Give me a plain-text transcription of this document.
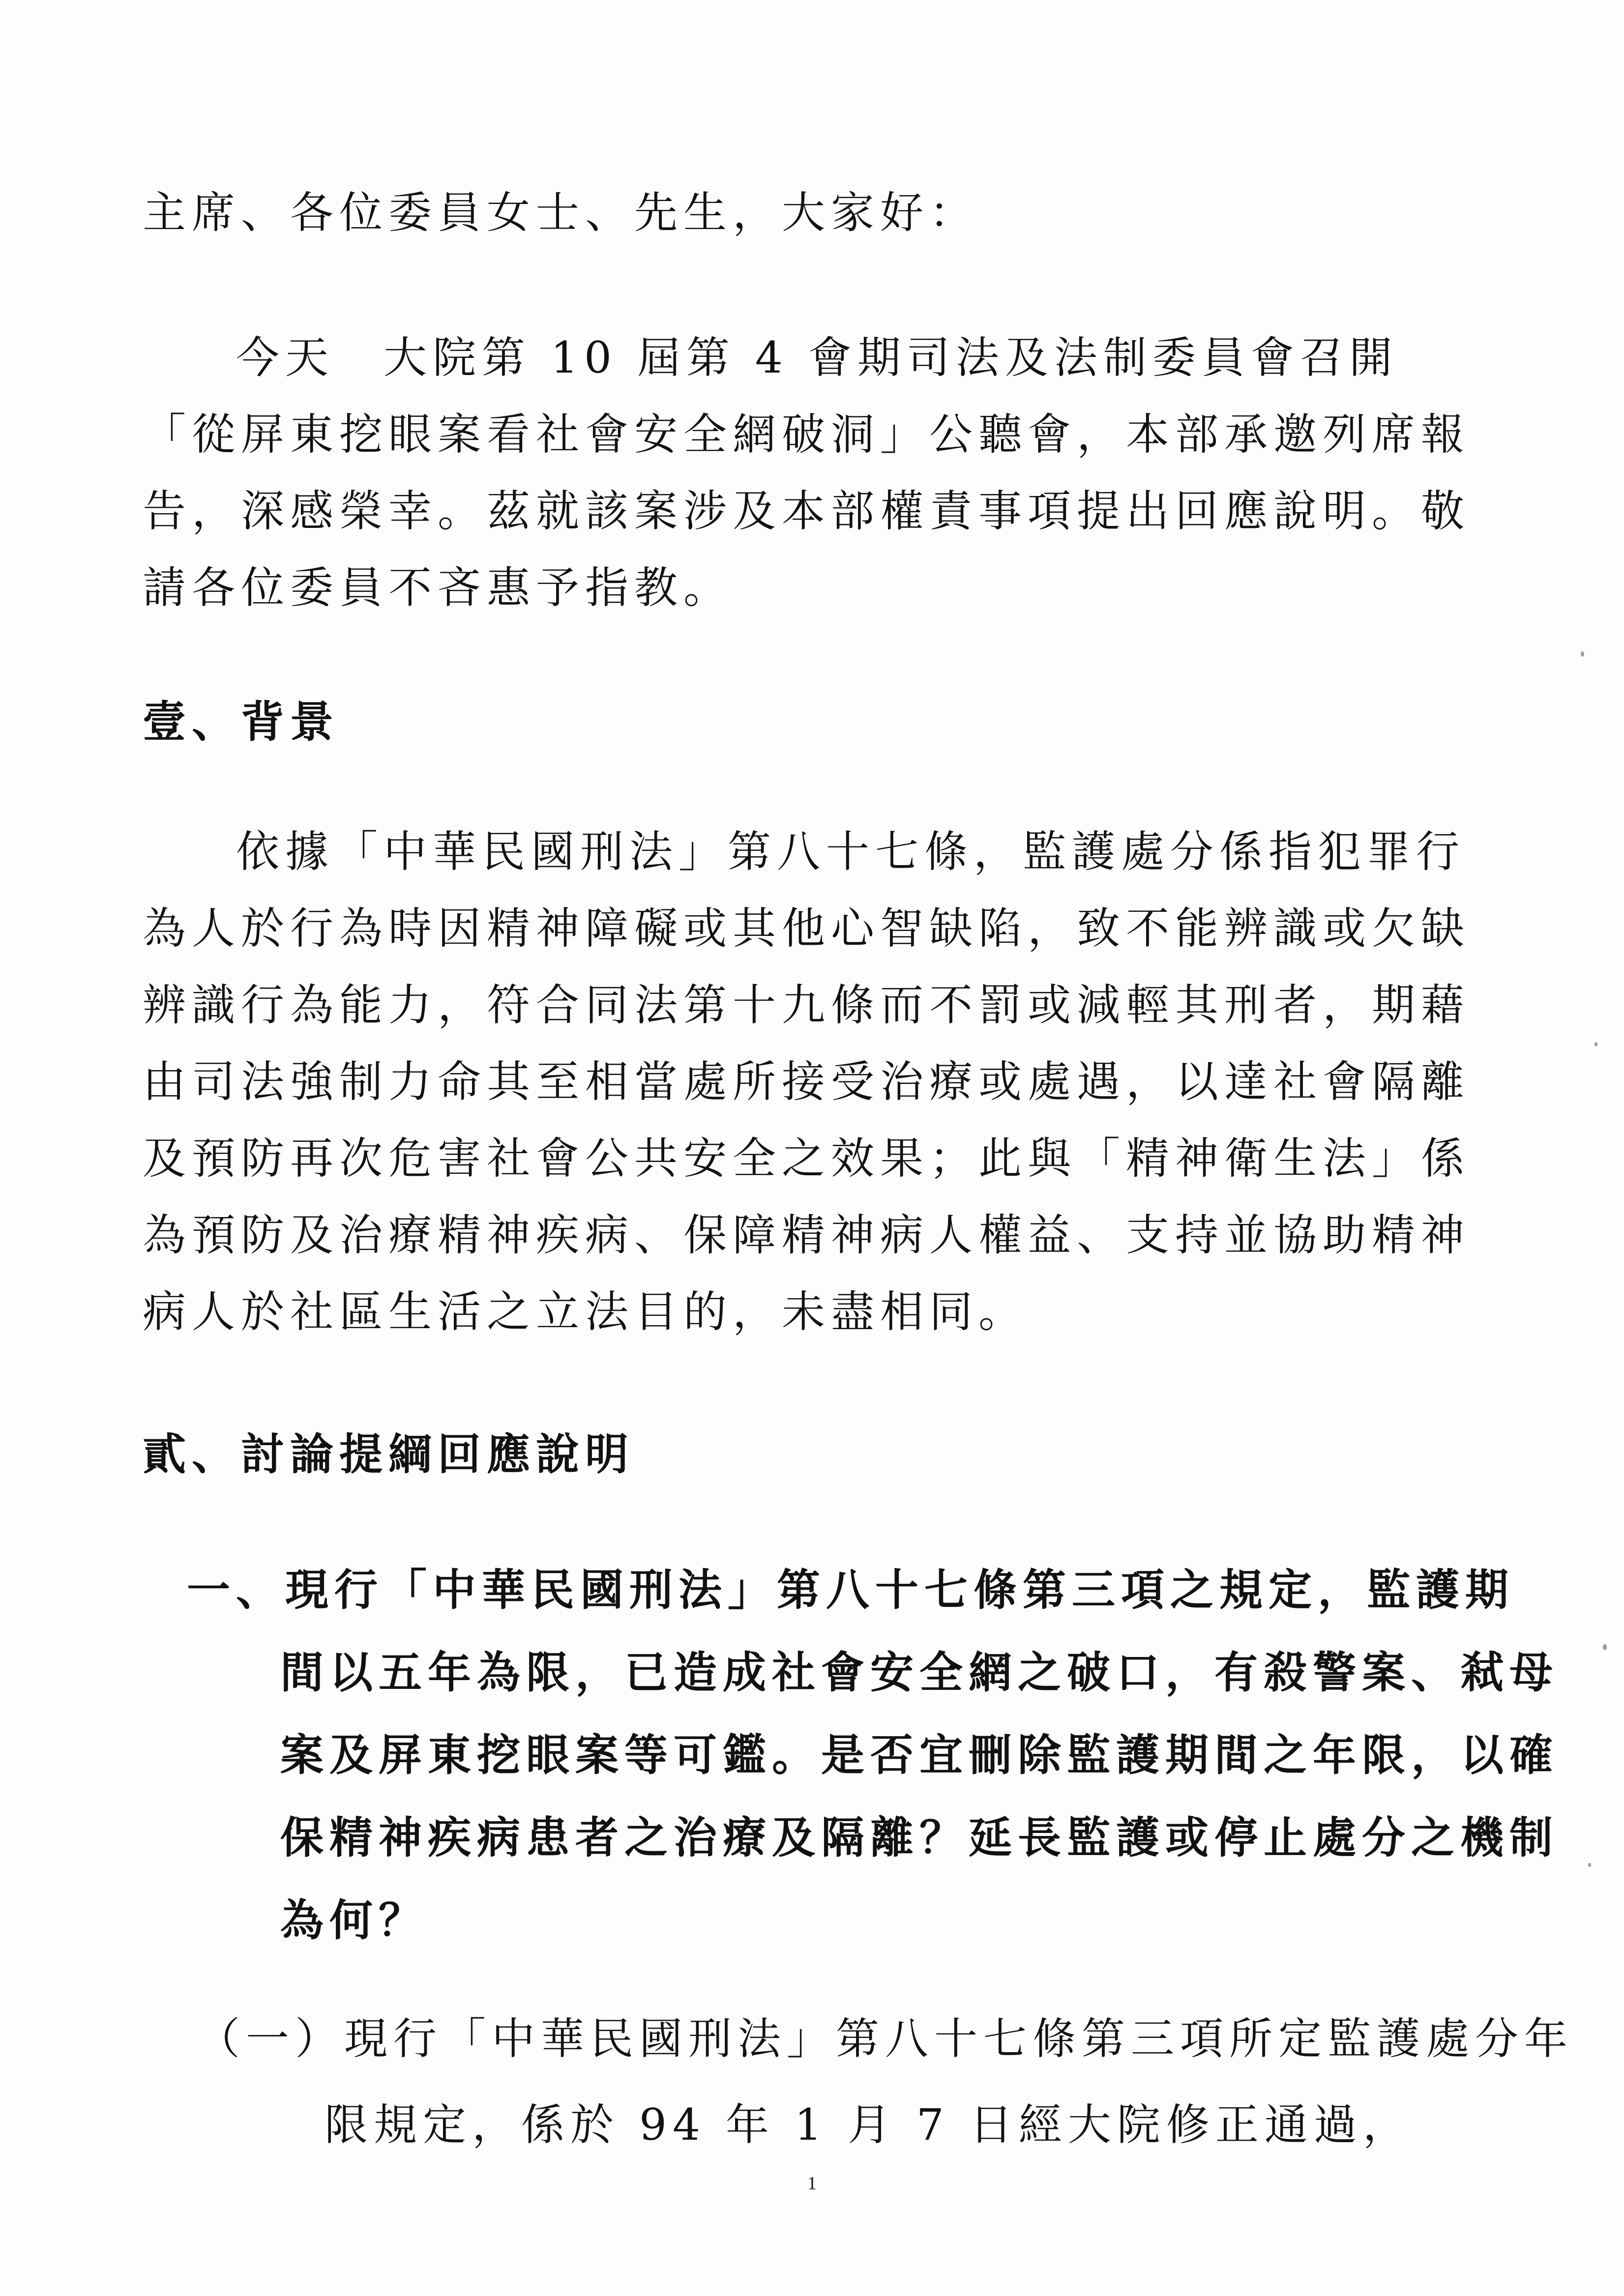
主席、各位委員女士、先生，大家好：

今天　大院第 10 屆第 4 會期司法及法制委員會召開「從屏東挖眼案看社會安全網破洞」公聽會，本部承邀列席報告，深感榮幸。茲就該案涉及本部權責事項提出回應說明。敬請各位委員不吝惠予指教。

壹、背景

依據「中華民國刑法」第八十七條，監護處分係指犯罪行為人於行為時因精神障礙或其他心智缺陷，致不能辨識或欠缺辨識行為能力，符合同法第十九條而不罰或減輕其刑者，期藉由司法強制力命其至相當處所接受治療或處遇，以達社會隔離及預防再次危害社會公共安全之效果；此與「精神衛生法」係為預防及治療精神疾病、保障精神病人權益、支持並協助精神病人於社區生活之立法目的，未盡相同。

貳、討論提綱回應說明

一、現行「中華民國刑法」第八十七條第三項之規定，監護期間以五年為限，已造成社會安全網之破口，有殺警案、弒母案及屏東挖眼案等可鑑。是否宜刪除監護期間之年限，以確保精神疾病患者之治療及隔離？延長監護或停止處分之機制為何？

（一）現行「中華民國刑法」第八十七條第三項所定監護處分年限規定，係於 94 年 1 月 7 日經大院修正通過，

1
